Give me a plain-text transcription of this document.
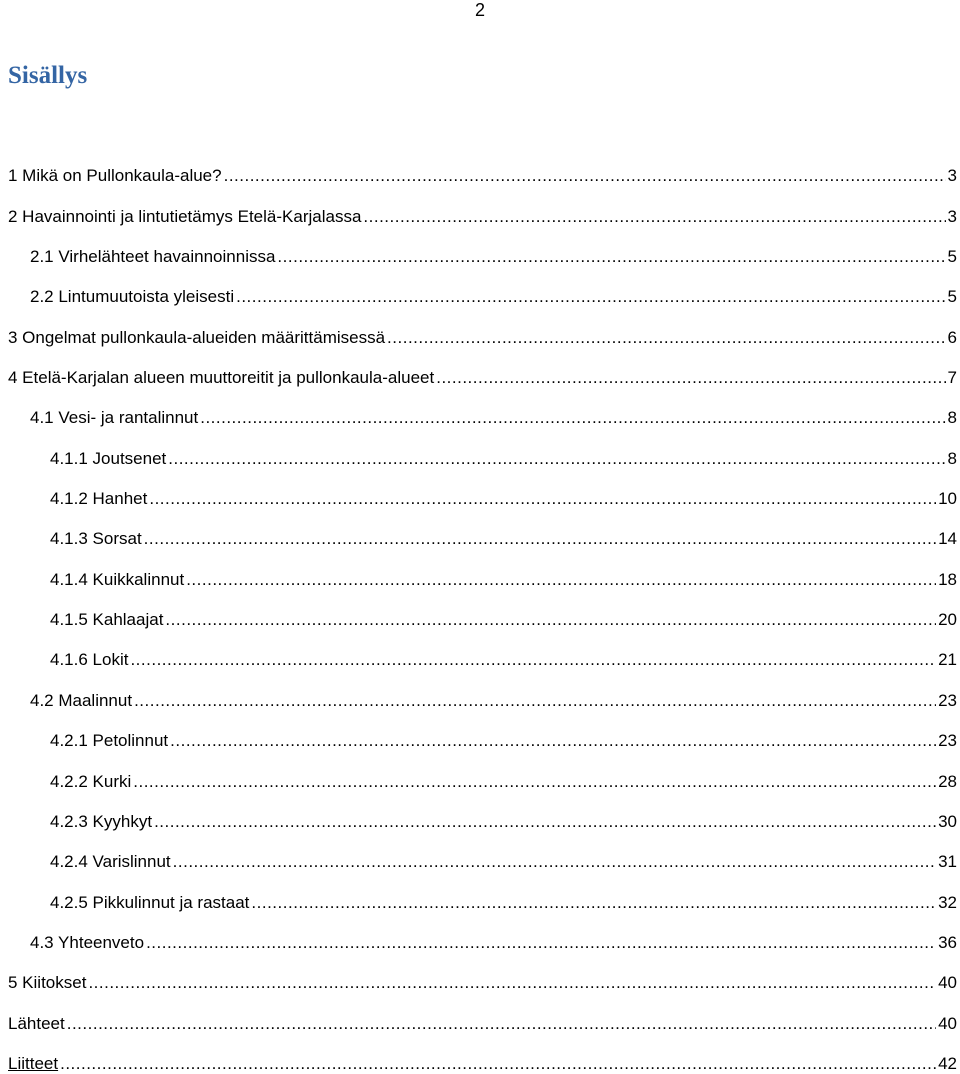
2
Sisällys
1 Mikä on Pullonkaula-alue? .....	3
2 Havainnointi ja lintutietämys Etelä-Karjalassa .....	3
2.1 Virhelähteet havainnoinnissa .....	5
2.2 Lintumuutoista yleisesti .....	5
3 Ongelmat pullonkaula-alueiden määrittämisessä .....	6
4 Etelä-Karjalan alueen muuttoreitit ja pullonkaula-alueet .....	7
4.1 Vesi- ja rantalinnut .....	8
4.1.1 Joutsenet .....	8
4.1.2 Hanhet .....	10
4.1.3 Sorsat .....	14
4.1.4 Kuikkalinnut .....	18
4.1.5 Kahlaajat .....	20
4.1.6 Lokit .....	21
4.2 Maalinnut .....	23
4.2.1 Petolinnut .....	23
4.2.2 Kurki .....	28
4.2.3 Kyyhkyt .....	30
4.2.4 Varislinnut .....	31
4.2.5 Pikkulinnut ja rastaat .....	32
4.3 Yhteenveto .....	36
5 Kiitokset .....	40
Lähteet .....	40
Liitteet .....	42
